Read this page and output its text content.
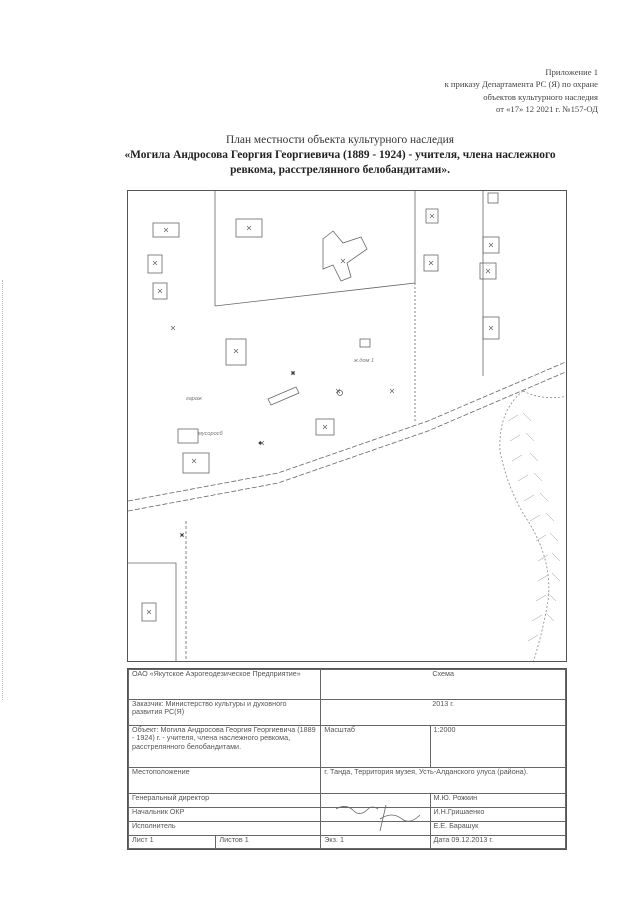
Приложение 1
к приказу Департамента РС (Я) по охране
объектов культурного наследия
от «17» 12 2021 г. №157-ОД
План местности объекта культурного наследия
«Могила Андросова Георгия Георгиевича (1889 - 1924) - учителя, члена наслежного
ревкома, расстрелянного белобандитами».
ж.дом 1
мусоросб
гараж
ОАО «Якутское Аэрогеодезическое Предприятие»	Схема	
Заказчик: Министерство культуры и духовного развития РС(Я)	2013 г.	
Объект: Могила Андросова Георгия Георгиевича (1889 - 1924) г. - учителя, члена наслежного ревкома, расстрелянного белобандитами.	Масштаб	1:2000
Местоположение	г. Танда, Территория музея, Усть-Алданского улуса (района).	
Генеральный директор		М.Ю. Рожкин
Начальник ОКР		И.Н.Гришаенко
Исполнитель		Е.Е. Барашук
Лист 1	Листов 1	Экз. 1	Дата 09.12.2013 г.
